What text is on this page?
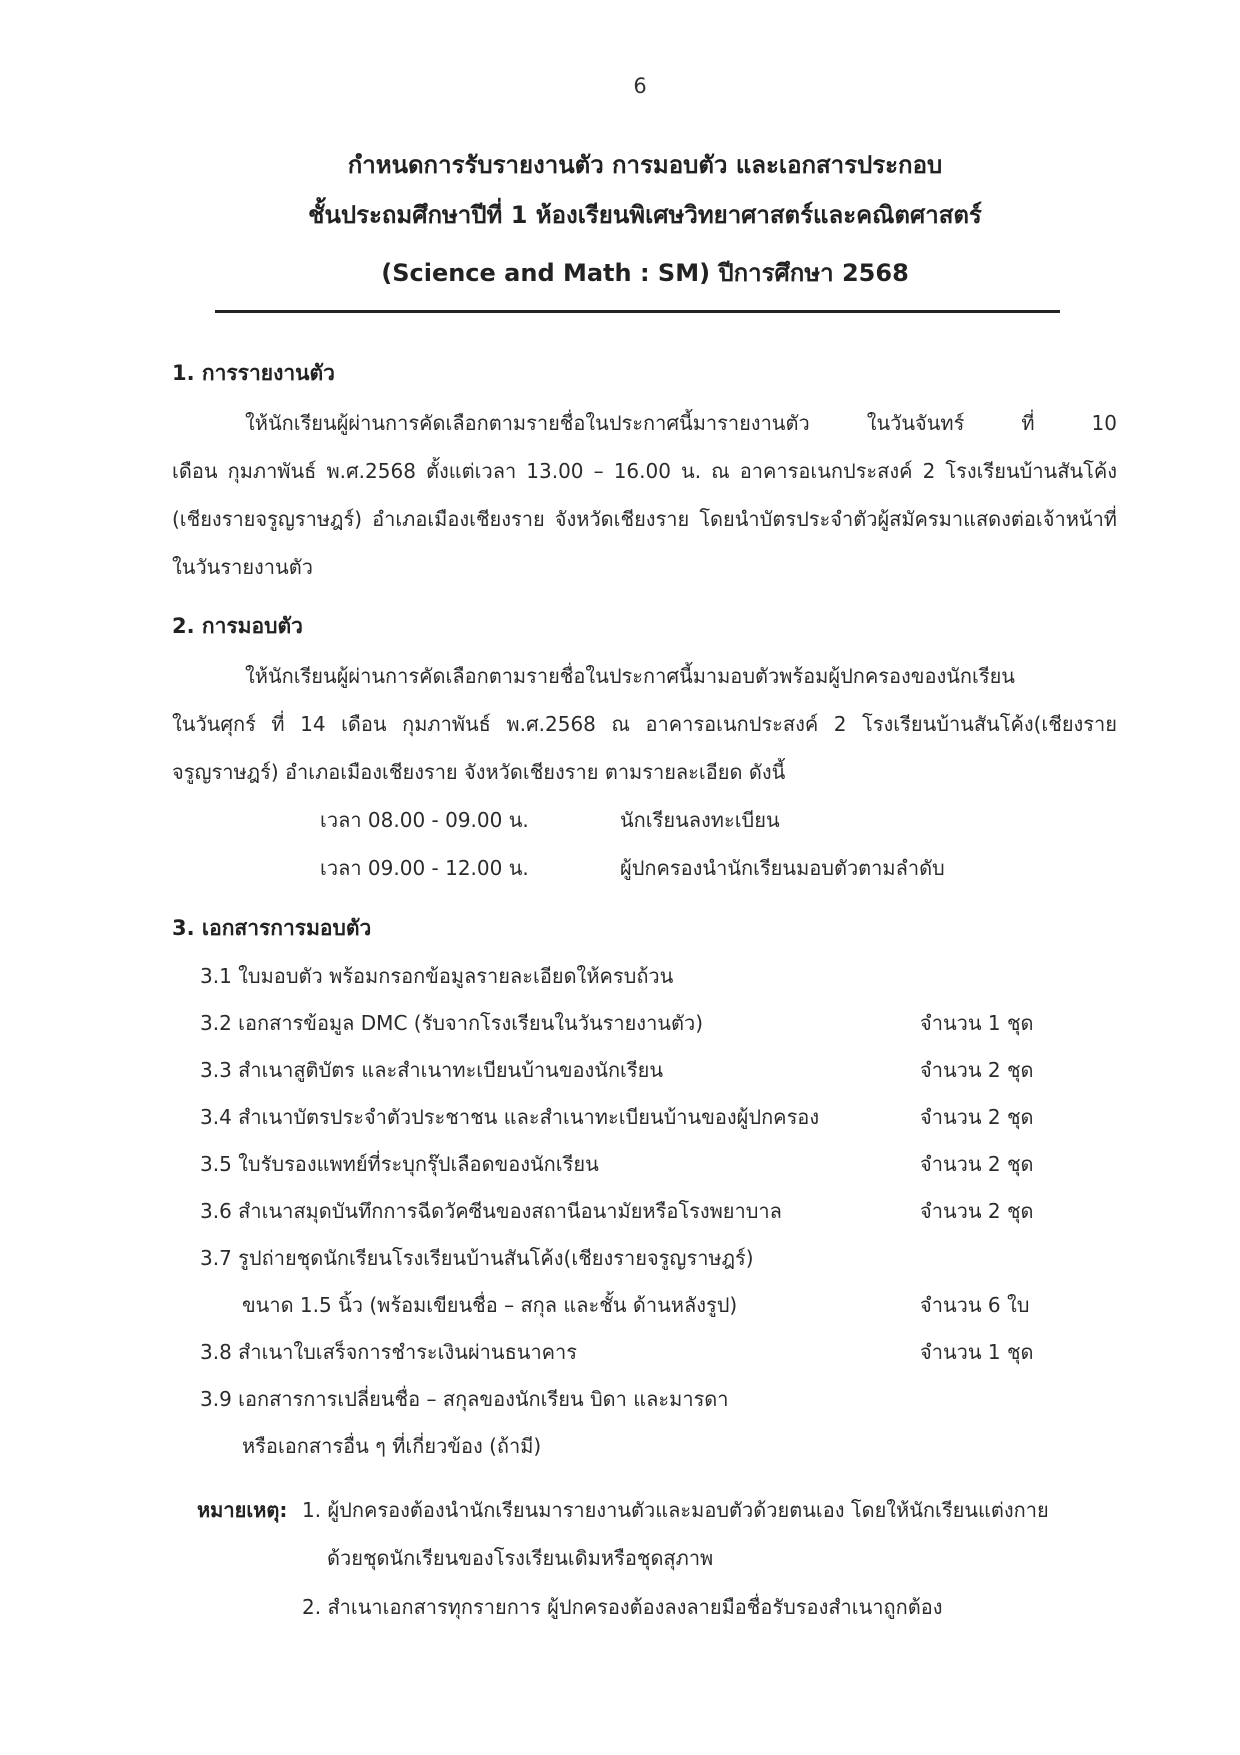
6
กำหนดการรับรายงานตัว การมอบตัว และเอกสารประกอบ
ชั้นประถมศึกษาปีที่ 1 ห้องเรียนพิเศษวิทยาศาสตร์และคณิตศาสตร์
(Science and Math : SM) ปีการศึกษา 2568
1. การรายงานตัว
ให้นักเรียนผู้ผ่านการคัดเลือกตามรายชื่อในประกาศนี้มารายงานตัว ในวันจันทร์ ที่ 10
เดือน กุมภาพันธ์ พ.ศ.2568 ตั้งแต่เวลา 13.00 – 16.00 น. ณ อาคารอเนกประสงค์ 2 โรงเรียนบ้านสันโค้ง
(เชียงรายจรูญราษฎร์) อำเภอเมืองเชียงราย จังหวัดเชียงราย โดยนำบัตรประจำตัวผู้สมัครมาแสดงต่อเจ้าหน้าที่
ในวันรายงานตัว
2. การมอบตัว
ให้นักเรียนผู้ผ่านการคัดเลือกตามรายชื่อในประกาศนี้มามอบตัวพร้อมผู้ปกครองของนักเรียน
ในวันศุกร์ ที่ 14 เดือน กุมภาพันธ์ พ.ศ.2568 ณ อาคารอเนกประสงค์ 2 โรงเรียนบ้านสันโค้ง(เชียงราย
จรูญราษฎร์) อำเภอเมืองเชียงราย จังหวัดเชียงราย ตามรายละเอียด ดังนี้
เวลา 08.00 - 09.00 น.	นักเรียนลงทะเบียน
เวลา 09.00 - 12.00 น.	ผู้ปกครองนำนักเรียนมอบตัวตามลำดับ
3. เอกสารการมอบตัว
3.1 ใบมอบตัว พร้อมกรอกข้อมูลรายละเอียดให้ครบถ้วน
3.2 เอกสารข้อมูล DMC (รับจากโรงเรียนในวันรายงานตัว)	จำนวน 1 ชุด
3.3 สำเนาสูติบัตร และสำเนาทะเบียนบ้านของนักเรียน	จำนวน 2 ชุด
3.4 สำเนาบัตรประจำตัวประชาชน และสำเนาทะเบียนบ้านของผู้ปกครอง	จำนวน 2 ชุด
3.5 ใบรับรองแพทย์ที่ระบุกรุ๊ปเลือดของนักเรียน	จำนวน 2 ชุด
3.6 สำเนาสมุดบันทึกการฉีดวัคซีนของสถานีอนามัยหรือโรงพยาบาล	จำนวน 2 ชุด
3.7 รูปถ่ายชุดนักเรียนโรงเรียนบ้านสันโค้ง(เชียงรายจรูญราษฎร์)
ขนาด 1.5 นิ้ว (พร้อมเขียนชื่อ – สกุล และชั้น ด้านหลังรูป)	จำนวน 6 ใบ
3.8 สำเนาใบเสร็จการชำระเงินผ่านธนาคาร	จำนวน 1 ชุด
3.9 เอกสารการเปลี่ยนชื่อ – สกุลของนักเรียน บิดา และมารดา
หรือเอกสารอื่น ๆ ที่เกี่ยวข้อง (ถ้ามี)
หมายเหตุ: 1. ผู้ปกครองต้องนำนักเรียนมารายงานตัวและมอบตัวด้วยตนเอง โดยให้นักเรียนแต่งกาย
ด้วยชุดนักเรียนของโรงเรียนเดิมหรือชุดสุภาพ
2. สำเนาเอกสารทุกรายการ ผู้ปกครองต้องลงลายมือชื่อรับรองสำเนาถูกต้อง
